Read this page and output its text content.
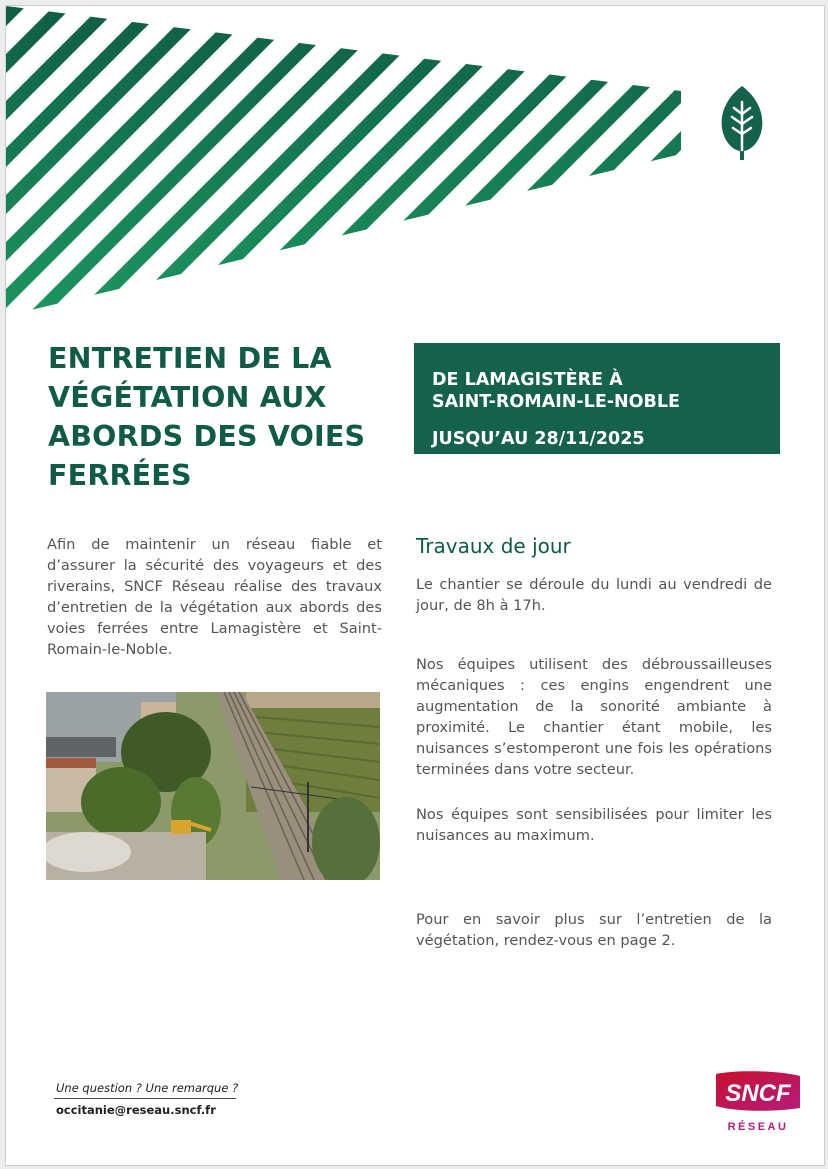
ENTRETIEN DE LA
VÉGÉTATION AUX
ABORDS DES VOIES
FERRÉES
DE LAMAGISTÈRE À
SAINT-ROMAIN-LE-NOBLE
JUSQU’AU 28/11/2025
Afin de maintenir un réseau fiable et d’assurer la sécurité des voyageurs et des riverains, SNCF Réseau réalise des travaux d’entretien de la végétation aux abords des voies ferrées entre Lamagistère et Saint-Romain-le-Noble.
Travaux de jour
Le chantier se déroule du lundi au vendredi de jour, de 8h à 17h.
Nos équipes utilisent des débroussailleuses mécaniques : ces engins engendrent une augmentation de la sonorité ambiante à proximité. Le chantier étant mobile, les nuisances s’estomperont une fois les opérations terminées dans votre secteur.
Nos équipes sont sensibilisées pour limiter les nuisances au maximum.
Pour en savoir plus sur l’entretien de la végétation, rendez-vous en page 2.
Une question ? Une remarque ?
occitanie@reseau.sncf.fr
SNCF
RÉSEAU
